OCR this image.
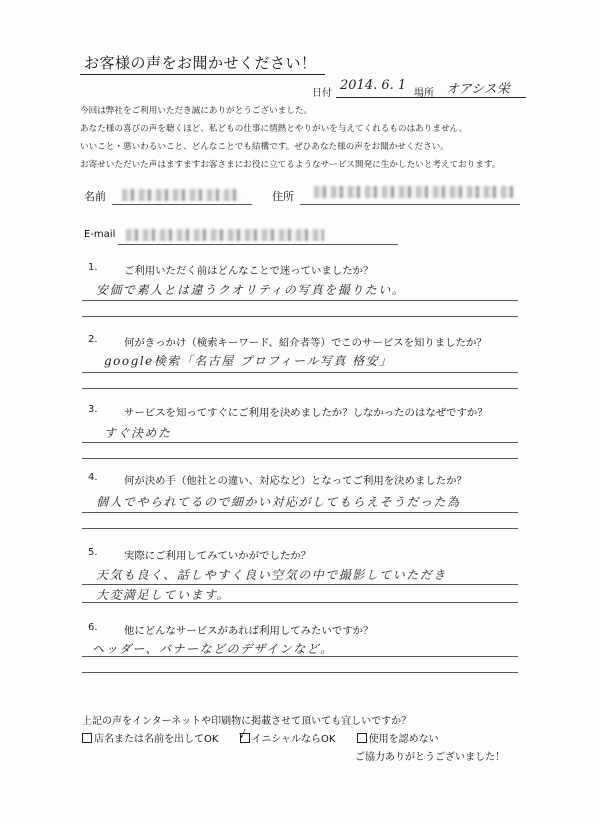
お客様の声をお聞かせください！
日付
2014. 6. 1
場所 オアシス栄
今回は弊社をご利用いただき誠にありがとうございました。
あなた様の喜びの声を聴くほど、私どもの仕事に情熱とやりがいを与えてくれるものはありません。
いいこと・悪いわるいこと、どんなことでも結構です。ぜひあなた様の声をお聞かせください。
お寄せいただいた声はますますお客さまにお役に立てるようなサービス開発に生かしたいと考えております。
名前	住所
E-mail
1.	ご利用いただく前はどんなことで迷っていましたか？
安価で素人とは違うクオリティの写真を撮りたい。
2.	何がきっかけ（検索キーワード、紹介者等）でこのサービスを知りましたか？
google検索「名古屋 プロフィール写真 格安」
3.	サービスを知ってすぐにご利用を決めましたか？しなかったのはなぜですか？
すぐ決めた
4.	何が決め手（他社との違い、対応など）となってご利用を決めましたか？
個人でやられてるので細かい対応がしてもらえそうだった為
5.	実際にご利用してみていかがでしたか？
天気も良く、話しやすく良い空気の中で撮影していただき
大変満足しています。
6.	他にどんなサービスがあれば利用してみたいですか？
ヘッダー、バナーなどのデザインなど。
上記の声をインターネットや印刷物に掲載させて頂いても宜しいですか？
店名または名前を出してOK √ イニシャルならOK	使用を認めない
ご協力ありがとうございました！
